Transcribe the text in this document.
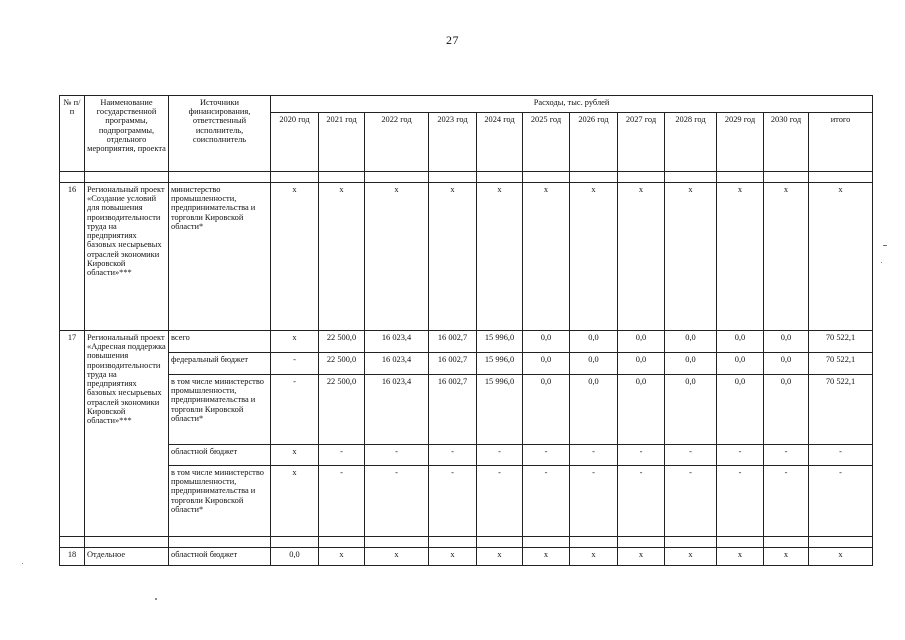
27
№ п/п	Наименование государственной программы, подпрограммы, отдельного мероприятия, проекта	Источники финансирования, ответственный исполнитель, соисполнитель	Расходы, тыс. рублей											
			2020 год	2021 год	2022 год	2023 год	2024 год	2025 год	2026 год	2027 год	2028 год	2029 год	2030 год	итого

16	Региональный проект «Создание условий для повышения производительности труда на предприятиях базовых несырьевых отраслей экономики Кировской области»***	министерство промышленности, предпринимательства и торговли Кировской области*	х	х	х	х	х	х	х	х	х	х	х	х
17	Региональный проект «Адресная поддержка повышения производительности труда на предприятиях базовых несырьевых отраслей экономики Кировской области»***	всего	х	22 500,0	16 023,4	16 002,7	15 996,0	0,0	0,0	0,0	0,0	0,0	0,0	70 522,1
		федеральный бюджет	-	22 500,0	16 023,4	16 002,7	15 996,0	0,0	0,0	0,0	0,0	0,0	0,0	70 522,1
		в том числе министерство промышленности, предпринимательства и торговли Кировской области*	-	22 500,0	16 023,4	16 002,7	15 996,0	0,0	0,0	0,0	0,0	0,0	0,0	70 522,1
		областной бюджет	х	-	-	-	-	-	-	-	-	-	-	-
		в том числе министерство промышленности, предпринимательства и торговли Кировской области*	х	-	-	-	-	-	-	-	-	-	-	-

18	Отдельное	областной бюджет	0,0	х	х	х	х	х	х	х	х	х	х	х
